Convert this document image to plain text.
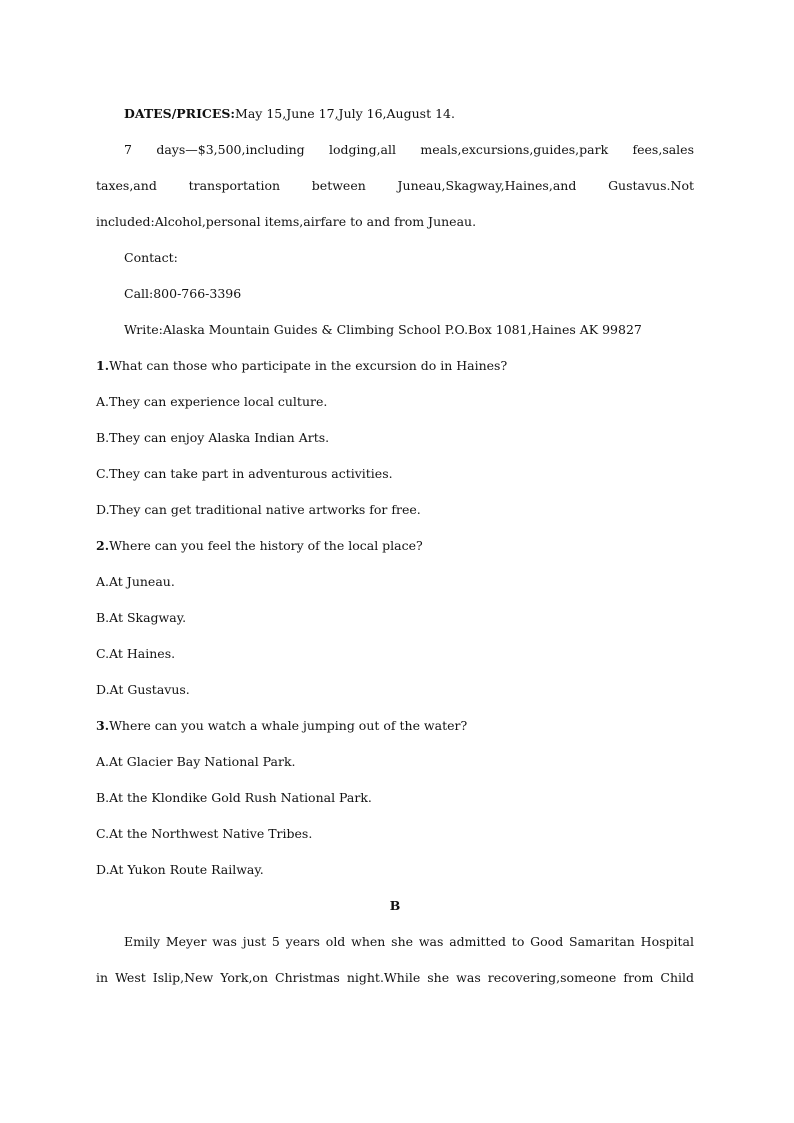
DATES/PRICES:May 15,June 17,July 16,August 14.
7 days—$3,500,including lodging,all meals,excursions,guides,park fees,sales
taxes,and transportation between Juneau,Skagway,Haines,and Gustavus.Not
included:Alcohol,personal items,airfare to and from Juneau.
Contact:
Call:800-766-3396
Write:Alaska Mountain Guides & Climbing School P.O.Box 1081,Haines AK 99827
1.What can those who participate in the excursion do in Haines?
A.They can experience local culture.
B.They can enjoy Alaska Indian Arts.
C.They can take part in adventurous activities.
D.They can get traditional native artworks for free.
2.Where can you feel the history of the local place?
A.At Juneau.
B.At Skagway.
C.At Haines.
D.At Gustavus.
3.Where can you watch a whale jumping out of the water?
A.At Glacier Bay National Park.
B.At the Klondike Gold Rush National Park.
C.At the Northwest Native Tribes.
D.At Yukon Route Railway.
B
Emily Meyer was just 5 years old when she was admitted to Good Samaritan Hospital
in West Islip,New York,on Christmas night.While she was recovering,someone from Child
